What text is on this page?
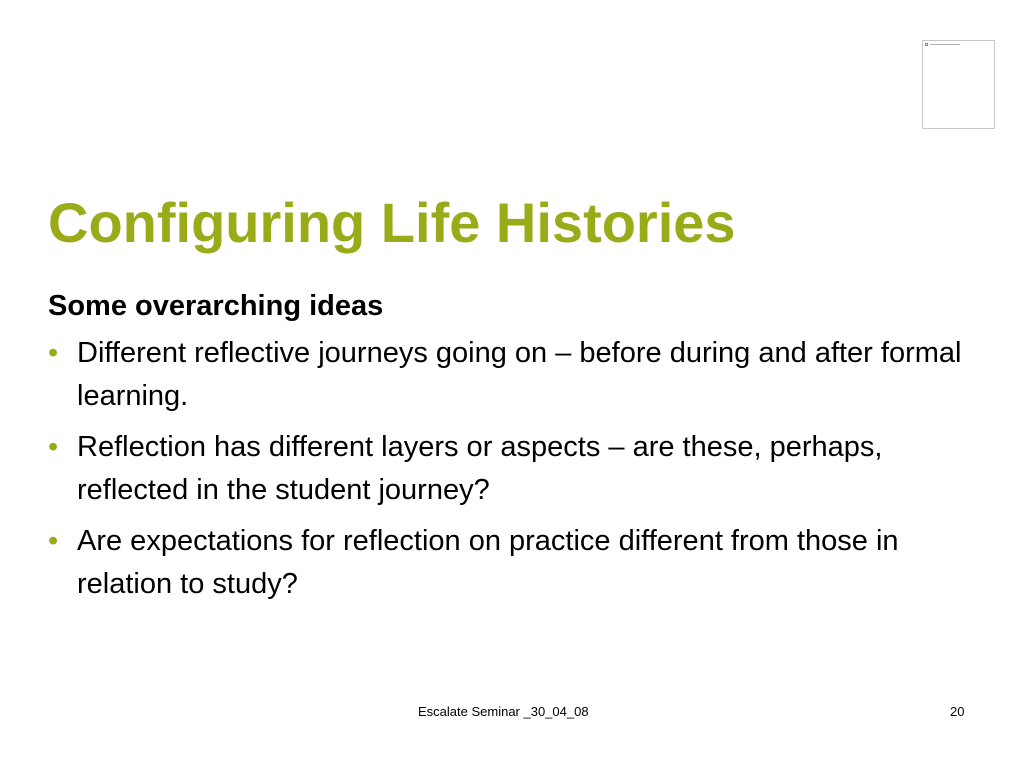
Configuring Life Histories

Some overarching ideas

• Different reflective journeys going on – before during and after formal learning.
• Reflection has different layers or aspects – are these, perhaps, reflected in the student journey?
• Are expectations for reflection on practice different from those in relation to study?
Escalate Seminar _30_04_08	20
